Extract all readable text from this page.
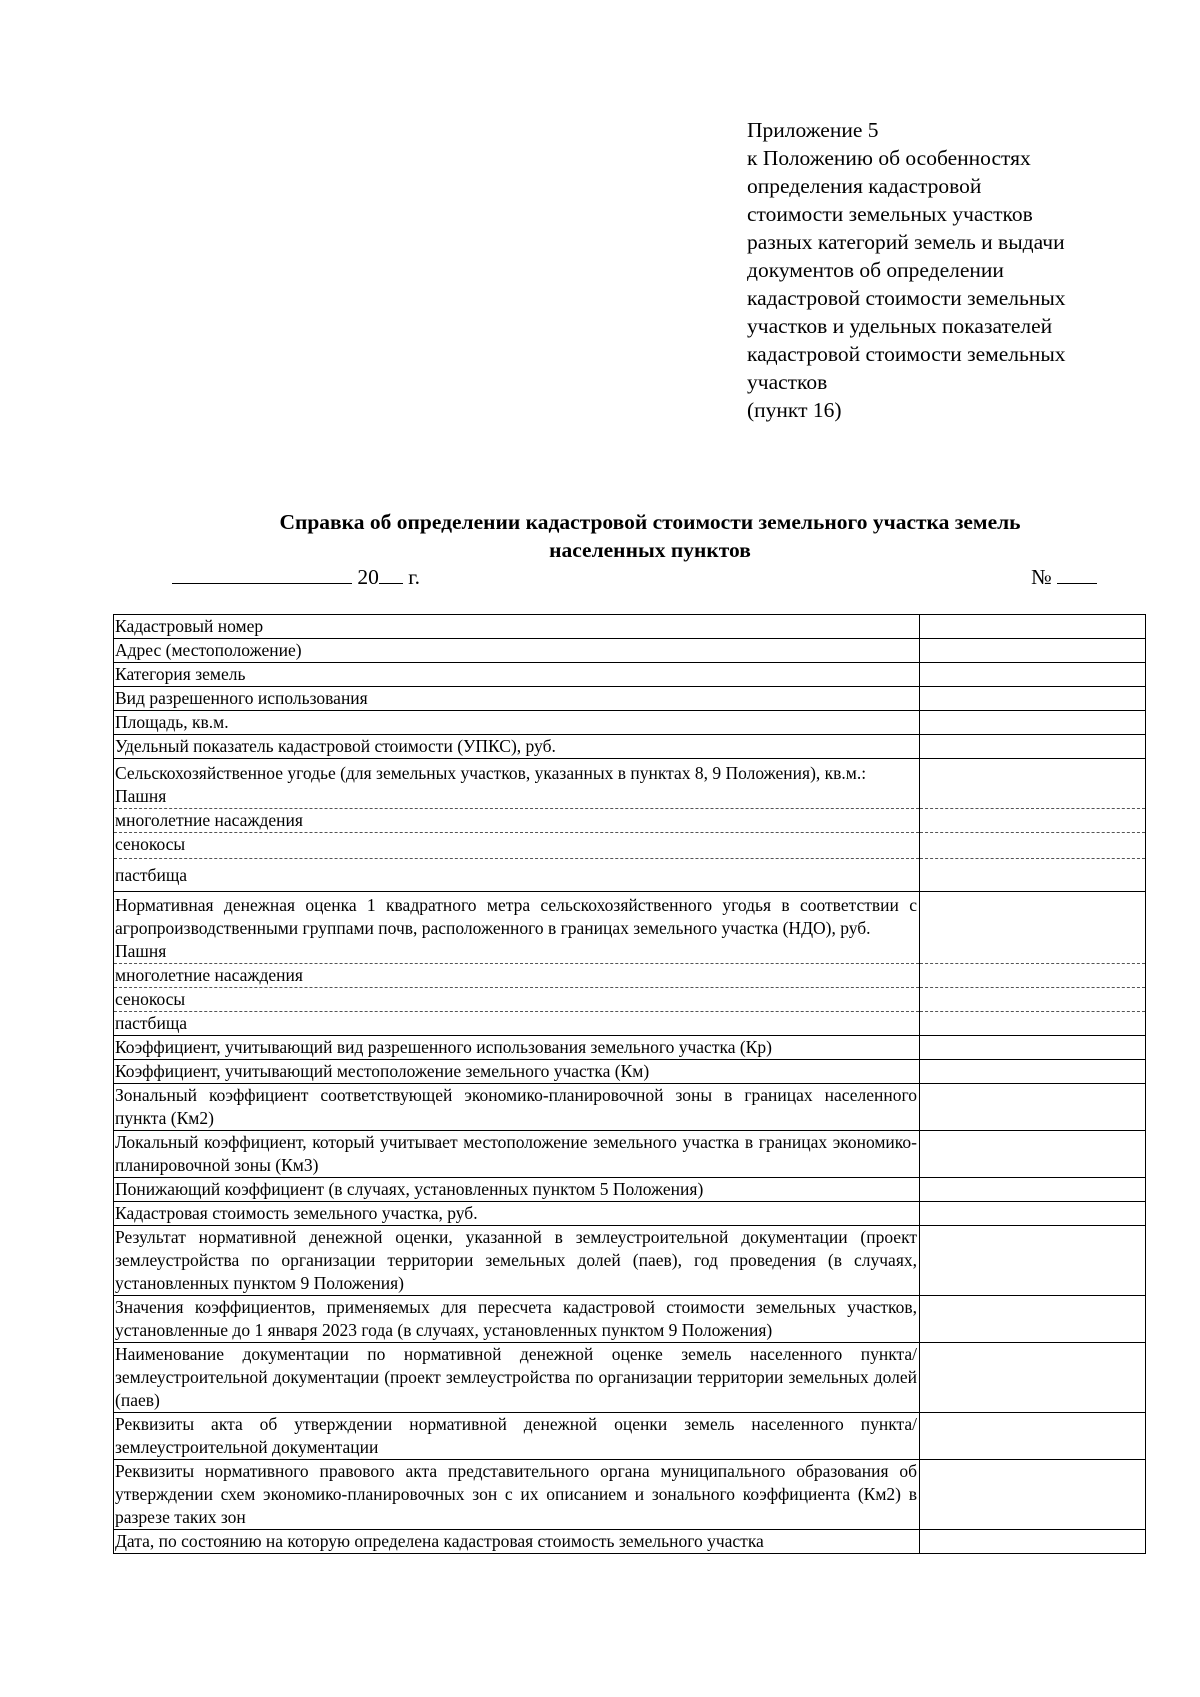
Приложение 5
к Положению об особенностях
определения кадастровой
стоимости земельных участков
разных категорий земель и выдачи
документов об определении
кадастровой стоимости земельных
участков и удельных показателей
кадастровой стоимости земельных
участков
(пункт 16)
Справка об определении кадастровой стоимости земельного участка земель
населенных пунктов
20 г.	№
Кадастровый номер	
Адрес (местоположение)	
Категория земель	
Вид разрешенного использования	
Площадь, кв.м.	
Удельный показатель кадастровой стоимости (УПКС), руб.	

Сельскохозяйственное угодье (для земельных участков, указанных в пунктах 8, 9 Положения), кв.м.:
Пашня	

многолетние насаждения	
сенокосы	
пастбища	

Нормативная денежная оценка 1 квадратного метра сельскохозяйственного угодья в соответствии с агропроизводственными группами почв, расположенного в границах земельного участка (НДО), руб.
Пашня	

многолетние насаждения	
сенокосы	
пастбища	
Коэффициент, учитывающий вид разрешенного использования земельного участка (Кр)	
Коэффициент, учитывающий местоположение земельного участка (Км)	
Зональный коэффициент соответствующей экономико-планировочной зоны в границах населенного пункта (Км2)	
Локальный коэффициент, который учитывает местоположение земельного участка в границах экономико-планировочной зоны (Км3)	
Понижающий коэффициент (в случаях, установленных пунктом 5 Положения)	
Кадастровая стоимость земельного участка, руб.	
Результат нормативной денежной оценки, указанной в землеустроительной документации (проект землеустройства по организации территории земельных долей (паев), год проведения (в случаях, установленных пунктом 9 Положения)	
Значения коэффициентов, применяемых для пересчета кадастровой стоимости земельных участков, установленные до 1 января 2023 года (в случаях, установленных пунктом 9 Положения)	
Наименование документации по нормативной денежной оценке земель населенного пункта/землеустроительной документации (проект землеустройства по организации территории земельных долей (паев)	
Реквизиты акта об утверждении нормативной денежной оценки земель населенного пункта/ землеустроительной документации	
Реквизиты нормативного правового акта представительного органа муниципального образования об утверждении схем экономико-планировочных зон с их описанием и зонального коэффициента (Км2) в разрезе таких зон	
Дата, по состоянию на которую определена кадастровая стоимость земельного участка	
